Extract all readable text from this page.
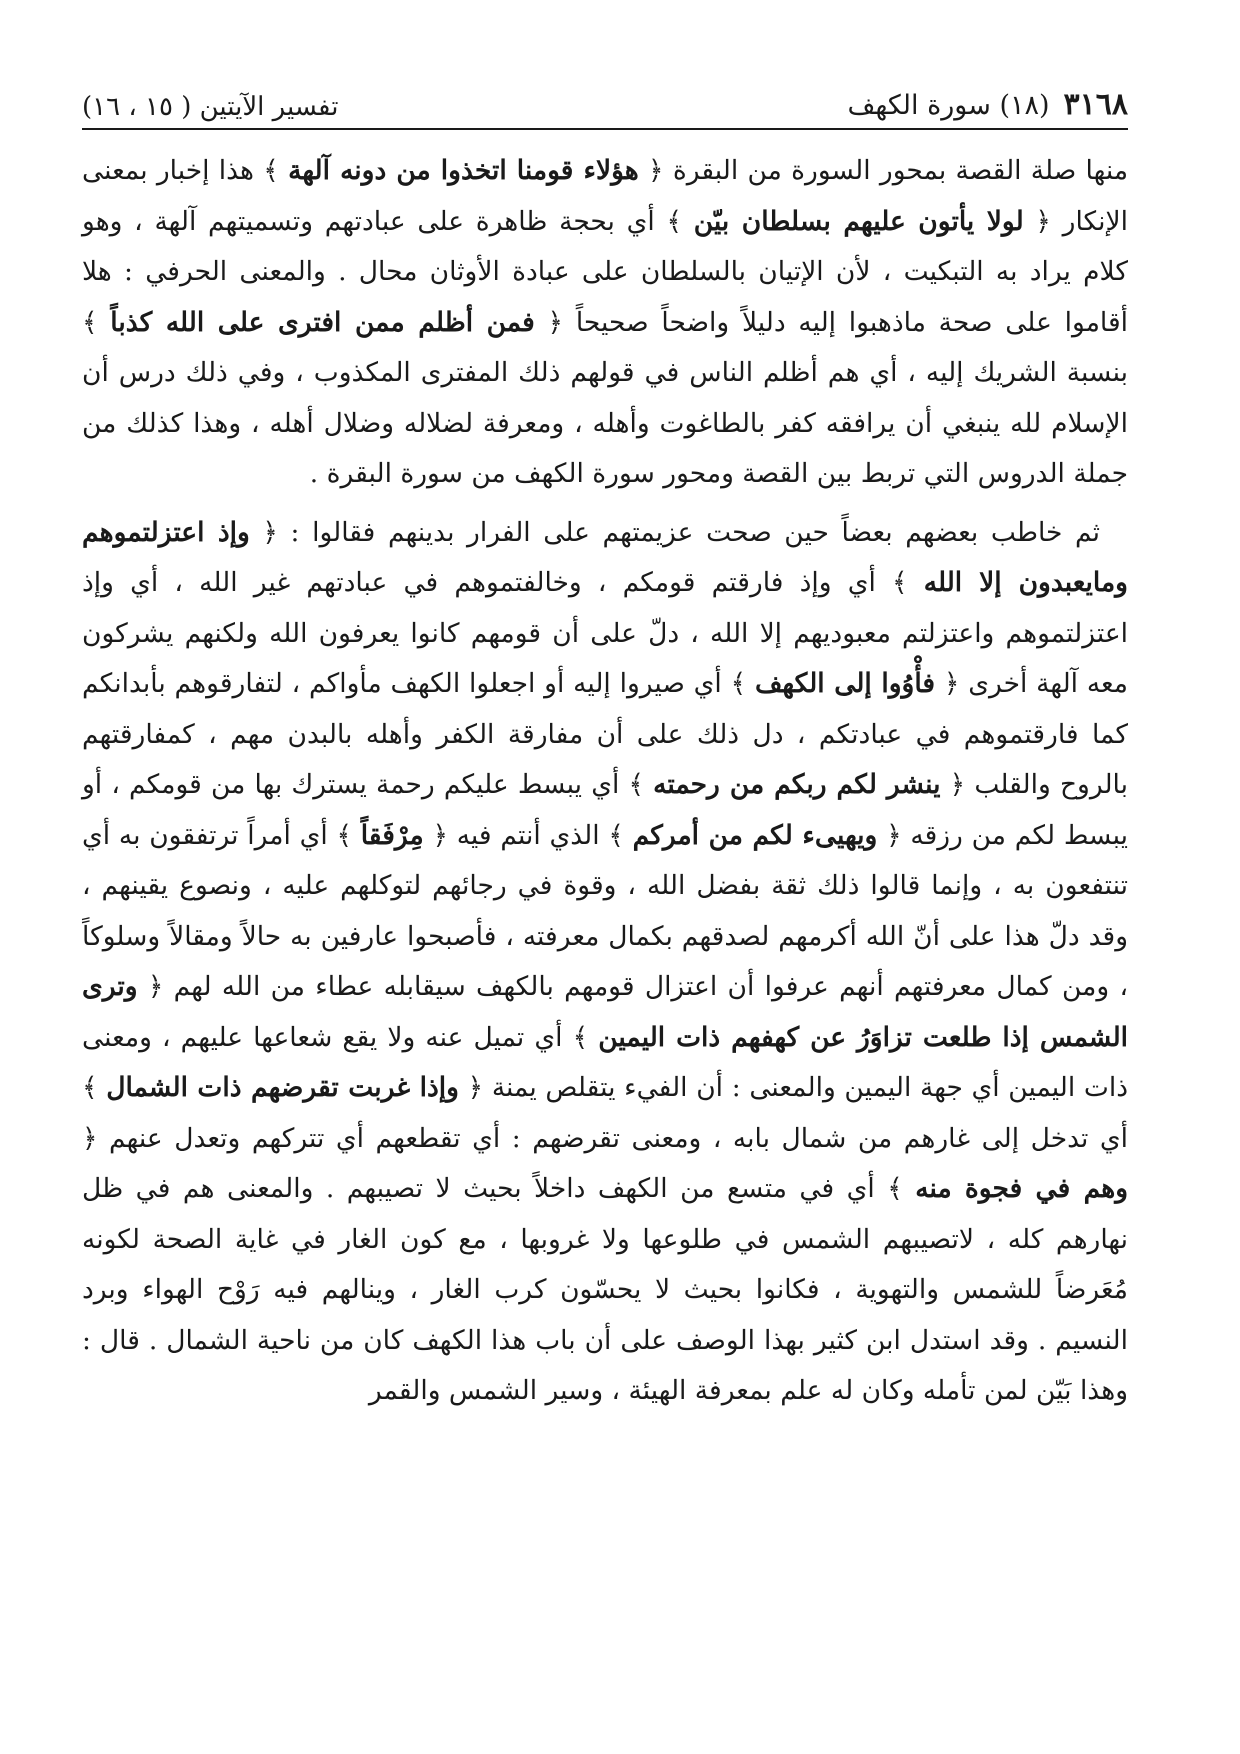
٣١٦٨
(١٨) سورة الكهف
تفسير الآيتين ( ١٥ ، ١٦)

منها صلة القصة بمحور السورة من البقرة ﴿ هؤلاء قومنا اتخذوا من دونه آلهة ﴾ هذا إخبار بمعنى الإنكار ﴿ لولا يأتون عليهم بسلطان بيّن ﴾ أي بحجة ظاهرة على عبادتهم وتسميتهم آلهة ، وهو كلام يراد به التبكيت ، لأن الإتيان بالسلطان على عبادة الأوثان محال . والمعنى الحرفي : هلا أقاموا على صحة ماذهبوا إليه دليلاً واضحاً صحيحاً ﴿ فمن أظلم ممن افترى على الله كذباً ﴾ بنسبة الشريك إليه ، أي هم أظلم الناس في قولهم ذلك المفترى المكذوب ، وفي ذلك درس أن الإسلام لله ينبغي أن يرافقه كفر بالطاغوت وأهله ، ومعرفة لضلاله وضلال أهله ، وهذا كذلك من جملة الدروس التي تربط بين القصة ومحور سورة الكهف من سورة البقرة .

ثم خاطب بعضهم بعضاً حين صحت عزيمتهم على الفرار بدينهم فقالوا : ﴿ وإذ اعتزلتموهم ومايعبدون إلا الله ﴾ أي وإذ فارقتم قومكم ، وخالفتموهم في عبادتهم غير الله ، أي وإذ اعتزلتموهم واعتزلتم معبوديهم إلا الله ، دلّ على أن قومهم كانوا يعرفون الله ولكنهم يشركون معه آلهة أخرى ﴿ فأْوُوا إلى الكهف ﴾ أي صيروا إليه أو اجعلوا الكهف مأواكم ، لتفارقوهم بأبدانكم كما فارقتموهم في عبادتكم ، دل ذلك على أن مفارقة الكفر وأهله بالبدن مهم ، كمفارقتهم بالروح والقلب ﴿ ينشر لكم ربكم من رحمته ﴾ أي يبسط عليكم رحمة يسترك بها من قومكم ، أو يبسط لكم من رزقه ﴿ ويهيىء لكم من أمركم ﴾ الذي أنتم فيه ﴿ مِرْفَقاً ﴾ أي أمراً ترتفقون به أي تنتفعون به ، وإنما قالوا ذلك ثقة بفضل الله ، وقوة في رجائهم لتوكلهم عليه ، ونصوع يقينهم ، وقد دلّ هذا على أنّ الله أكرمهم لصدقهم بكمال معرفته ، فأصبحوا عارفين به حالاً ومقالاً وسلوكاً ، ومن كمال معرفتهم أنهم عرفوا أن اعتزال قومهم بالكهف سيقابله عطاء من الله لهم ﴿ وترى الشمس إذا طلعت تزاوَرُ عن كهفهم ذات اليمين ﴾ أي تميل عنه ولا يقع شعاعها عليهم ، ومعنى ذات اليمين أي جهة اليمين والمعنى : أن الفيء يتقلص يمنة ﴿ وإذا غربت تقرضهم ذات الشمال ﴾ أي تدخل إلى غارهم من شمال بابه ، ومعنى تقرضهم : أي تقطعهم أي تتركهم وتعدل عنهم ﴿ وهم في فجوة منه ﴾ أي في متسع من الكهف داخلاً بحيث لا تصيبهم . والمعنى هم في ظل نهارهم كله ، لاتصيبهم الشمس في طلوعها ولا غروبها ، مع كون الغار في غاية الصحة لكونه مُعَرضاً للشمس والتهوية ، فكانوا بحيث لا يحسّون كرب الغار ، وينالهم فيه رَوْح الهواء وبرد النسيم . وقد استدل ابن كثير بهذا الوصف على أن باب هذا الكهف كان من ناحية الشمال . قال : وهذا بَيّن لمن تأمله وكان له علم بمعرفة الهيئة ، وسير الشمس والقمر
